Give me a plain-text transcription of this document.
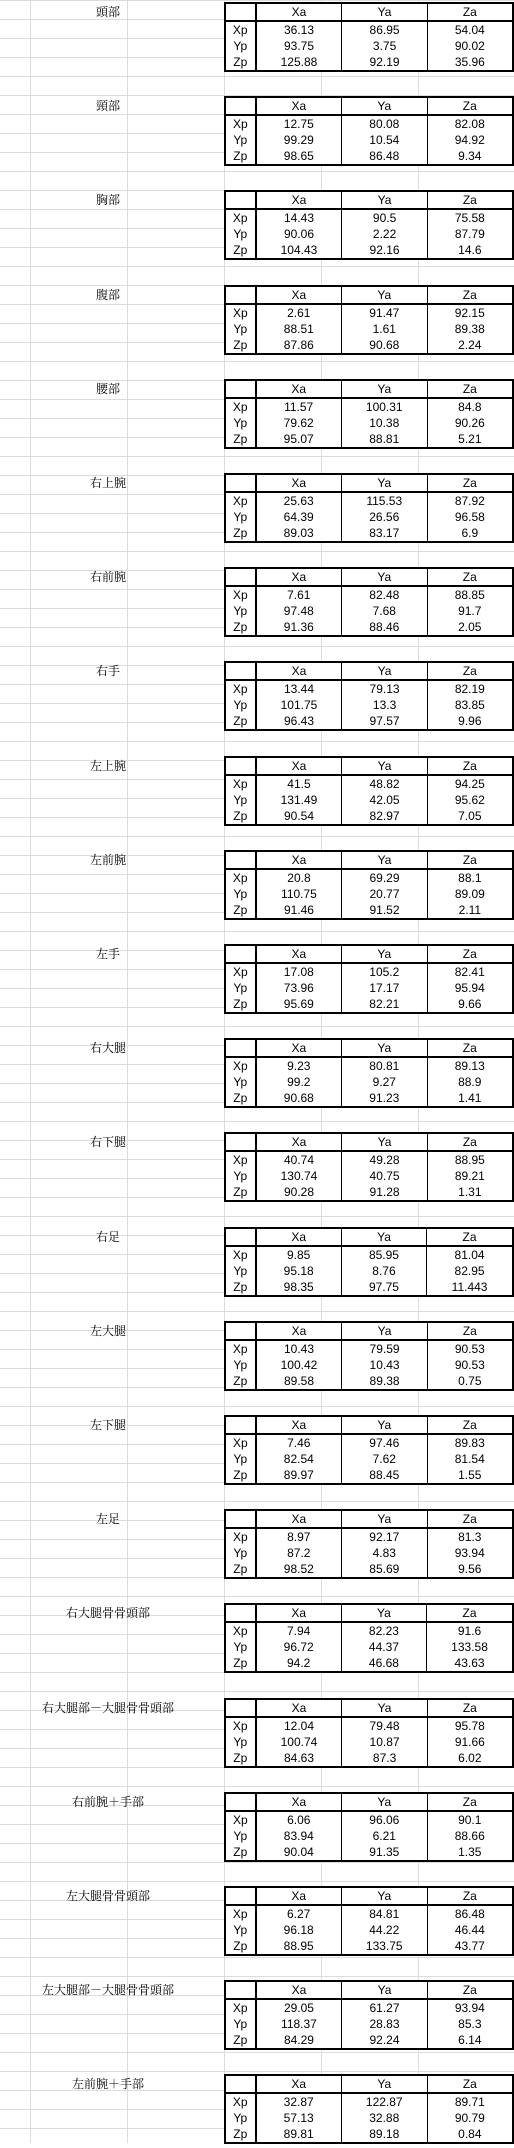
頭部
		Xa	Ya	Za
Xp	36.13	86.95	54.04
Yp	93.75	3.75	90.02
Zp	125.88	92.19	35.96
頸部
		Xa	Ya	Za
Xp	12.75	80.08	82.08
Yp	99.29	10.54	94.92
Zp	98.65	86.48	9.34
胸部
		Xa	Ya	Za
Xp	14.43	90.5	75.58
Yp	90.06	2.22	87.79
Zp	104.43	92.16	14.6
腹部
		Xa	Ya	Za
Xp	2.61	91.47	92.15
Yp	88.51	1.61	89.38
Zp	87.86	90.68	2.24
腰部
		Xa	Ya	Za
Xp	11.57	100.31	84.8
Yp	79.62	10.38	90.26
Zp	95.07	88.81	5.21
右上腕
		Xa	Ya	Za
Xp	25.63	115.53	87.92
Yp	64.39	26.56	96.58
Zp	89.03	83.17	6.9
右前腕
		Xa	Ya	Za
Xp	7.61	82.48	88.85
Yp	97.48	7.68	91.7
Zp	91.36	88.46	2.05
右手
		Xa	Ya	Za
Xp	13.44	79.13	82.19
Yp	101.75	13.3	83.85
Zp	96.43	97.57	9.96
左上腕
		Xa	Ya	Za
Xp	41.5	48.82	94.25
Yp	131.49	42.05	95.62
Zp	90.54	82.97	7.05
左前腕
		Xa	Ya	Za
Xp	20.8	69.29	88.1
Yp	110.75	20.77	89.09
Zp	91.46	91.52	2.11
左手
		Xa	Ya	Za
Xp	17.08	105.2	82.41
Yp	73.96	17.17	95.94
Zp	95.69	82.21	9.66
右大腿
		Xa	Ya	Za
Xp	9.23	80.81	89.13
Yp	99.2	9.27	88.9
Zp	90.68	91.23	1.41
右下腿
		Xa	Ya	Za
Xp	40.74	49.28	88.95
Yp	130.74	40.75	89.21
Zp	90.28	91.28	1.31
右足
		Xa	Ya	Za
Xp	9.85	85.95	81.04
Yp	95.18	8.76	82.95
Zp	98.35	97.75	11.443
左大腿
		Xa	Ya	Za
Xp	10.43	79.59	90.53
Yp	100.42	10.43	90.53
Zp	89.58	89.38	0.75
左下腿
		Xa	Ya	Za
Xp	7.46	97.46	89.83
Yp	82.54	7.62	81.54
Zp	89.97	88.45	1.55
左足
		Xa	Ya	Za
Xp	8.97	92.17	81.3
Yp	87.2	4.83	93.94
Zp	98.52	85.69	9.56
右大腿骨骨頭部
		Xa	Ya	Za
Xp	7.94	82.23	91.6
Yp	96.72	44.37	133.58
Zp	94.2	46.68	43.63
右大腿部－大腿骨骨頭部
		Xa	Ya	Za
Xp	12.04	79.48	95.78
Yp	100.74	10.87	91.66
Zp	84.63	87.3	6.02
右前腕＋手部
		Xa	Ya	Za
Xp	6.06	96.06	90.1
Yp	83.94	6.21	88.66
Zp	90.04	91.35	1.35
左大腿骨骨頭部
		Xa	Ya	Za
Xp	6.27	84.81	86.48
Yp	96.18	44.22	46.44
Zp	88.95	133.75	43.77
左大腿部－大腿骨骨頭部
		Xa	Ya	Za
Xp	29.05	61.27	93.94
Yp	118.37	28.83	85.3
Zp	84.29	92.24	6.14
左前腕＋手部
		Xa	Ya	Za
Xp	32.87	122.87	89.71
Yp	57.13	32.88	90.79
Zp	89.81	89.18	0.84
